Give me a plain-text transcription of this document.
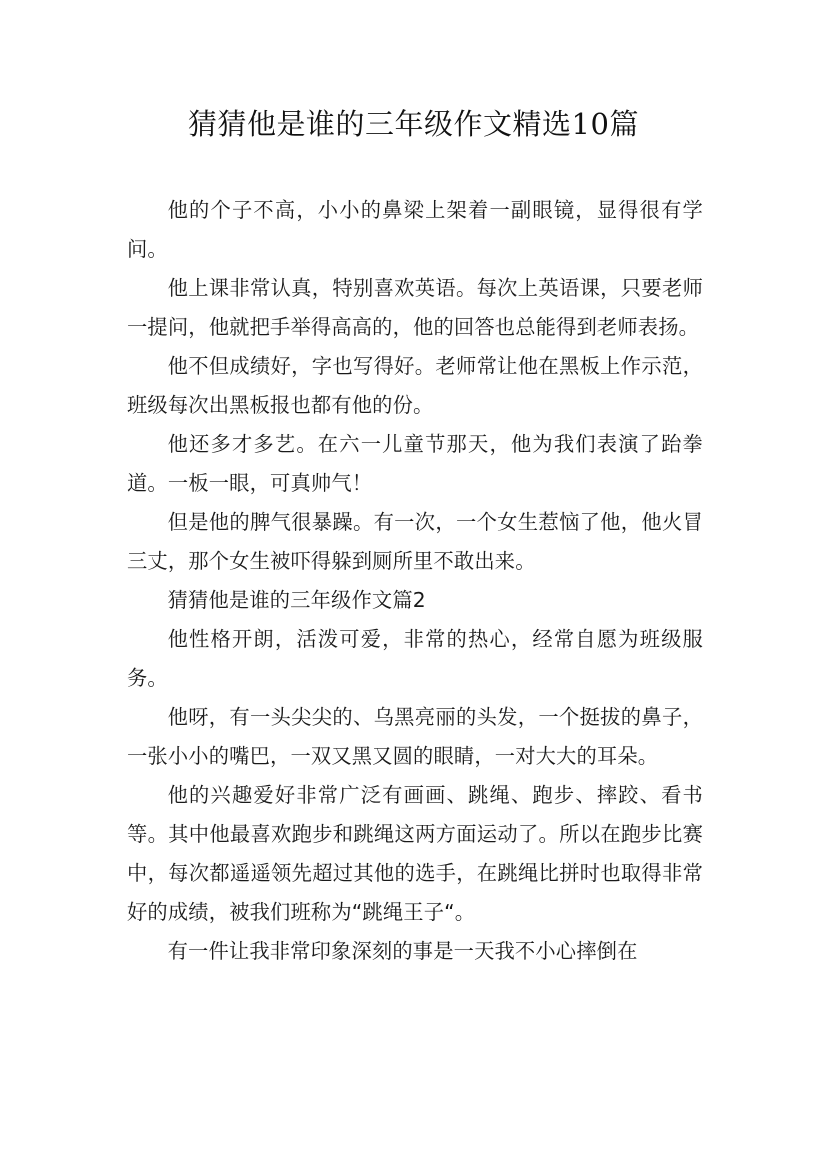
猜猜他是谁的三年级作文精选10篇

他的个子不高，小小的鼻梁上架着一副眼镜，显得很有学问。

他上课非常认真，特别喜欢英语。每次上英语课，只要老师一提问，他就把手举得高高的，他的回答也总能得到老师表扬。

他不但成绩好，字也写得好。老师常让他在黑板上作示范，班级每次出黑板报也都有他的份。

他还多才多艺。在六一儿童节那天，他为我们表演了跆拳道。一板一眼，可真帅气！

但是他的脾气很暴躁。有一次，一个女生惹恼了他，他火冒三丈，那个女生被吓得躲到厕所里不敢出来。

猜猜他是谁的三年级作文篇2

他性格开朗，活泼可爱，非常的热心，经常自愿为班级服务。

他呀，有一头尖尖的、乌黑亮丽的头发，一个挺拔的鼻子，一张小小的嘴巴，一双又黑又圆的眼睛，一对大大的耳朵。

他的兴趣爱好非常广泛有画画、跳绳、跑步、摔跤、看书等。其中他最喜欢跑步和跳绳这两方面运动了。所以在跑步比赛中，每次都遥遥领先超过其他的选手，在跳绳比拼时也取得非常好的成绩，被我们班称为“跳绳王子“。

有一件让我非常印象深刻的事是一天我不小心摔倒在
